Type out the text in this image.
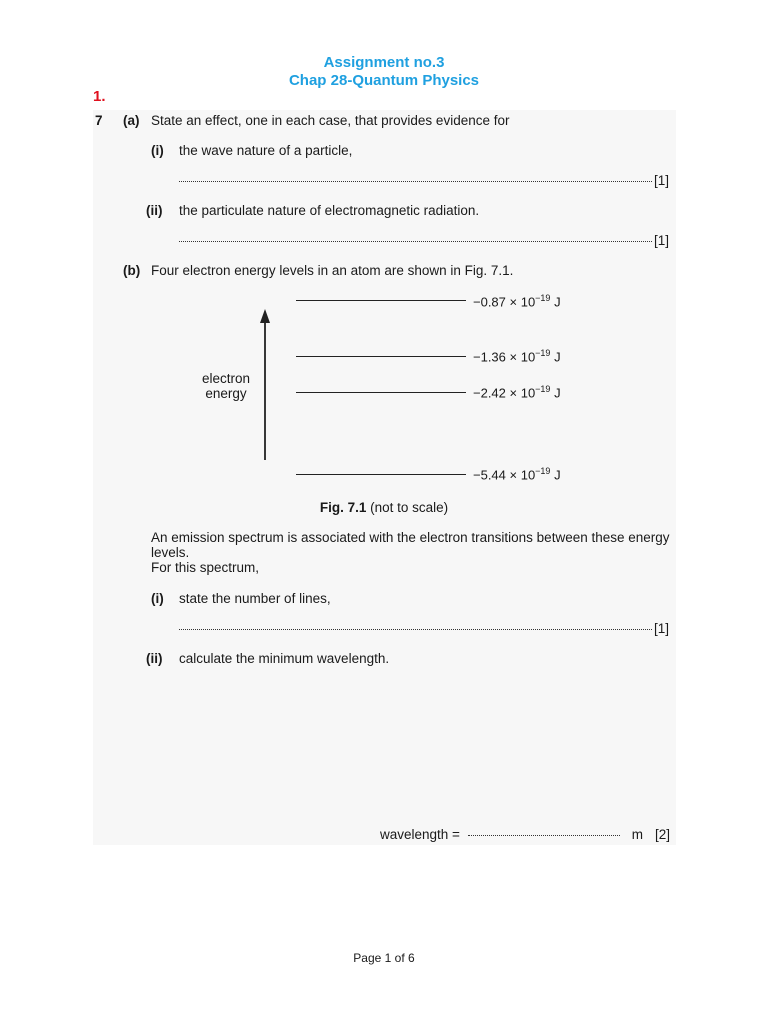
Assignment no.3
Chap 28-Quantum Physics
1.
7 (a) State an effect, one in each case, that provides evidence for
(i) the wave nature of a particle,
[1]
(ii) the particulate nature of electromagnetic radiation.
[1]
(b) Four electron energy levels in an atom are shown in Fig. 7.1.
electron
energy
$-0.87 \times 10^{-19}$ J
$-1.36 \times 10^{-19}$ J
$-2.42 \times 10^{-19}$ J
$-5.44 \times 10^{-19}$ J
Fig. 7.1 (not to scale)
An emission spectrum is associated with the electron transitions between these energy
levels.
For this spectrum,
(i) state the number of lines,
[1]
(ii) calculate the minimum wavelength.
wavelength =	m [2]
Page 1 of 6
